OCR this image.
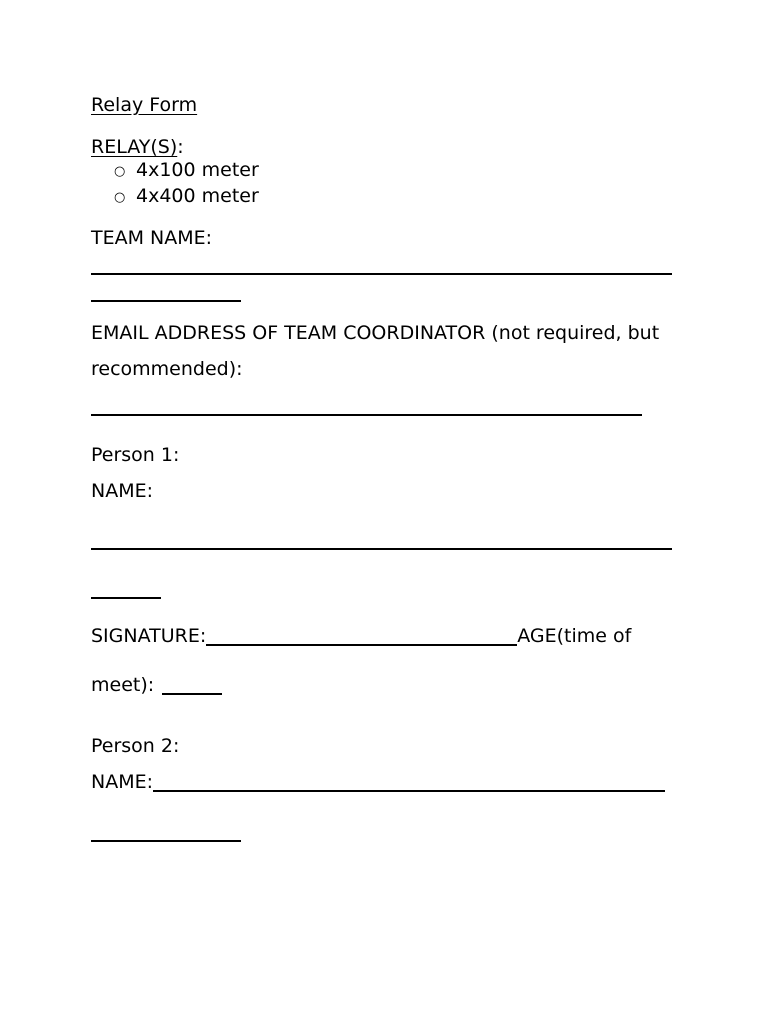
Relay Form
RELAY(S):
○ 4x100 meter
○ 4x400 meter
TEAM NAME:
EMAIL ADDRESS OF TEAM COORDINATOR (not required, but
recommended):
Person 1:
NAME:
SIGNATURE:	AGE(time of
meet):
Person 2:
NAME:
